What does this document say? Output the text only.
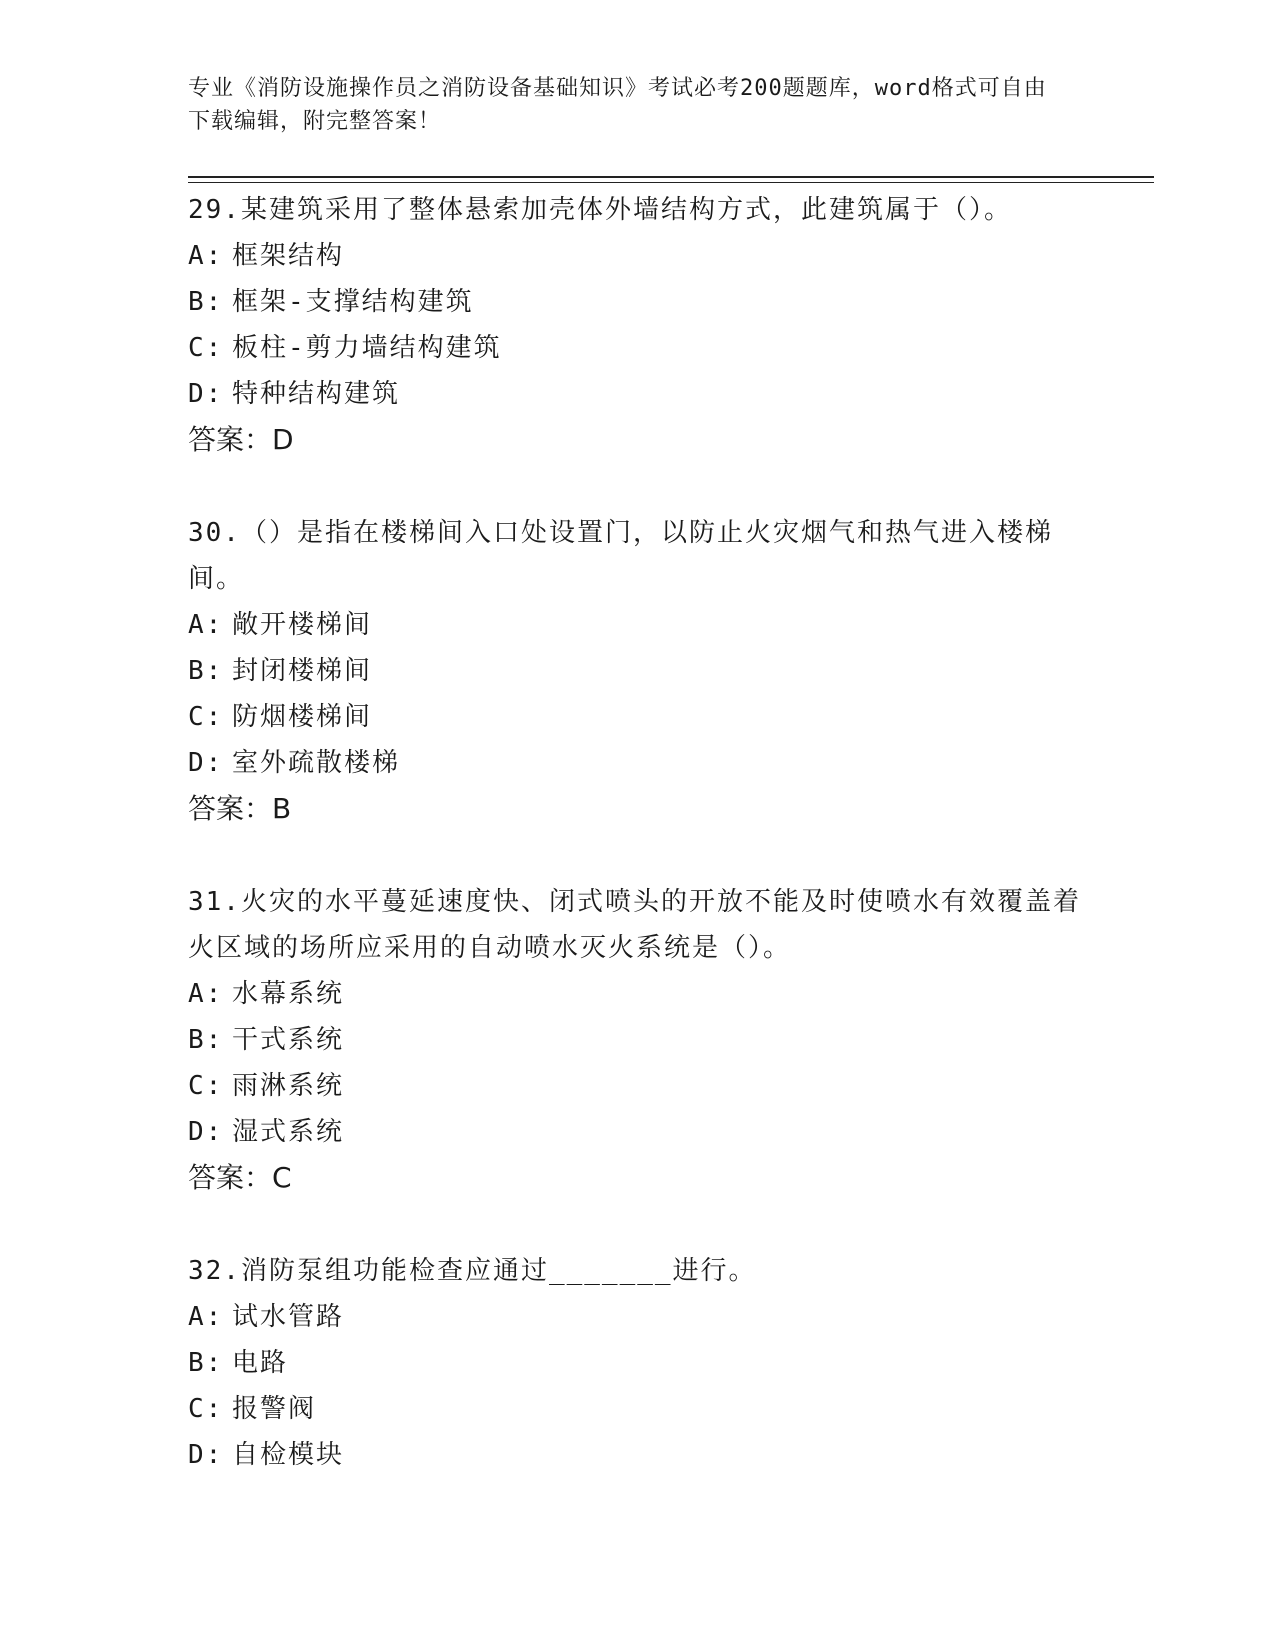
专业《消防设施操作员之消防设备基础知识》考试必考200题题库，word格式可自由下载编辑，附完整答案！
29.某建筑采用了整体悬索加壳体外墙结构方式，此建筑属于（）。
A: 框架结构
B: 框架-支撑结构建筑
C: 板柱-剪力墙结构建筑
D: 特种结构建筑
答案：D
30.（）是指在楼梯间入口处设置门，以防止火灾烟气和热气进入楼梯间。
A: 敞开楼梯间
B: 封闭楼梯间
C: 防烟楼梯间
D: 室外疏散楼梯
答案：B
31.火灾的水平蔓延速度快、闭式喷头的开放不能及时使喷水有效覆盖着火区域的场所应采用的自动喷水灭火系统是（）。
A: 水幕系统
B: 干式系统
C: 雨淋系统
D: 湿式系统
答案：C
32.消防泵组功能检查应通过_______进行。
A: 试水管路
B: 电路
C: 报警阀
D: 自检模块
